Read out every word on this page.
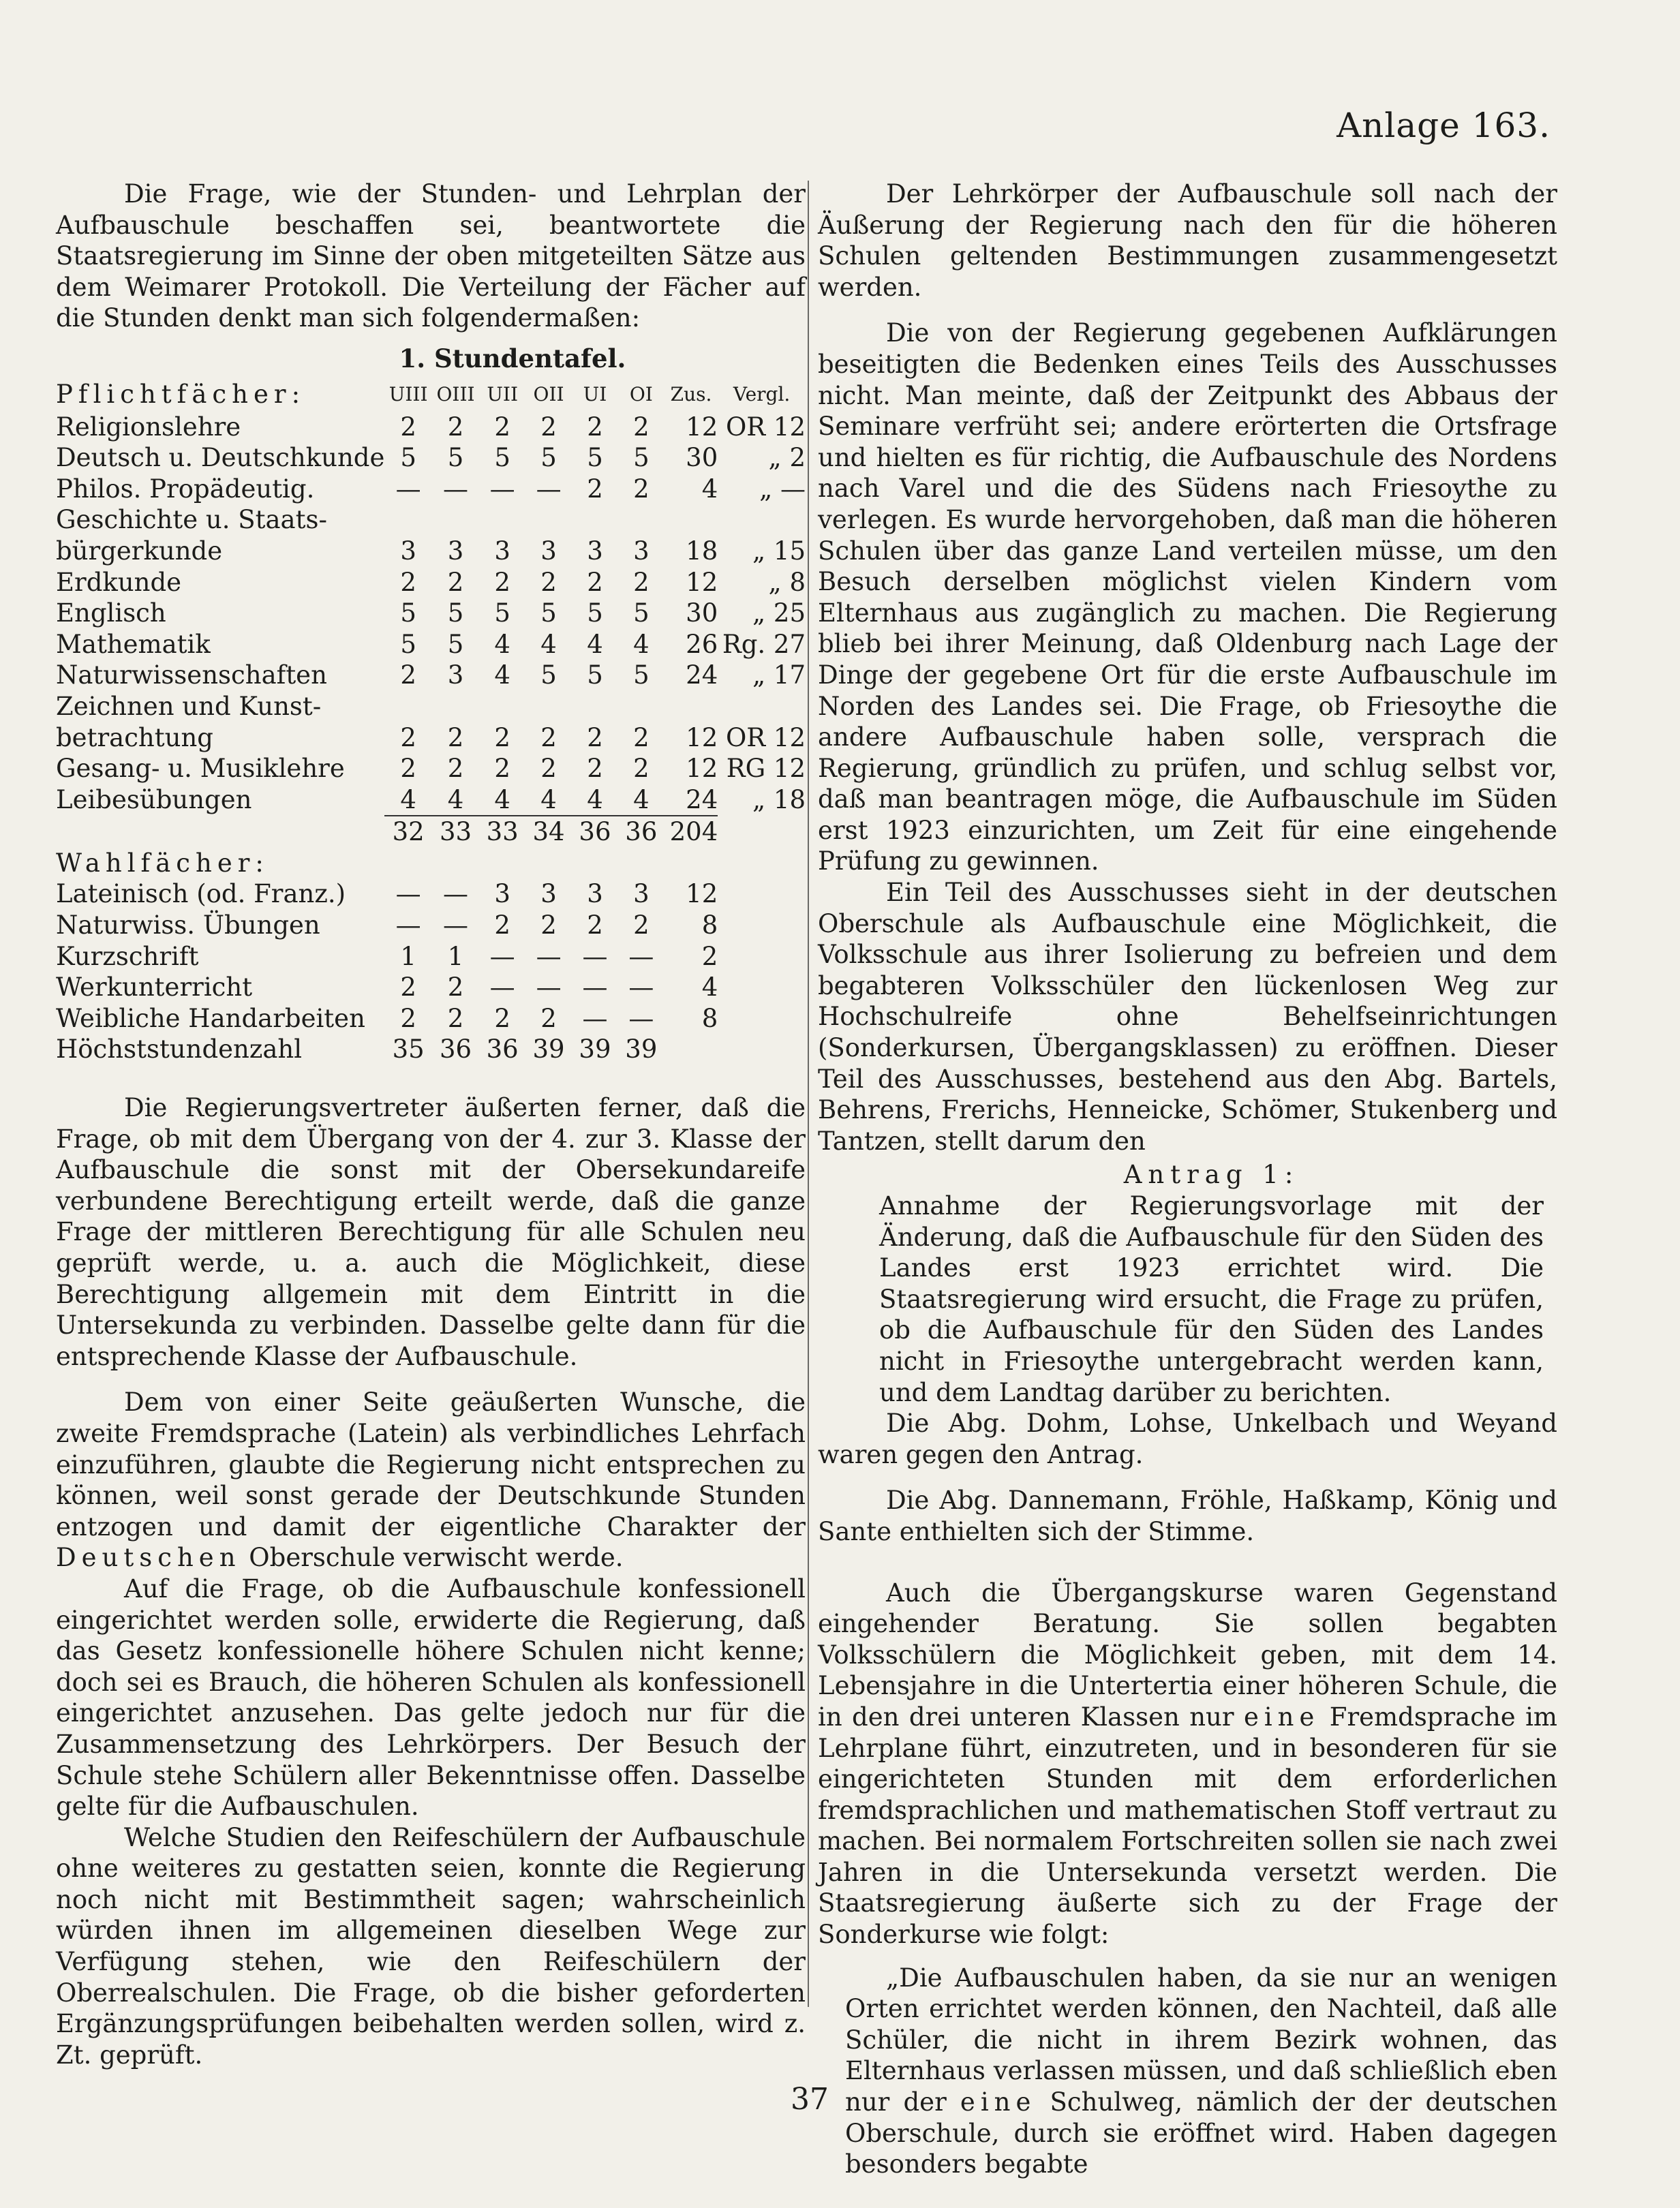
Anlage 163.

Die Frage, wie der Stunden- und Lehrplan der Aufbauschule beschaffen sei, beantwortete die Staatsregierung im Sinne der oben mitgeteilten Sätze aus dem Weimarer Protokoll. Die Verteilung der Fächer auf die Stunden denkt man sich folgendermaßen:

1. Stundentafel.

Pflichtfächer:	UIII	OIII	UII	OII	UI	OI	Zus.	Vergl.
Religionslehre	2	2	2	2	2	2	12	OR 12
Deutsch u. Deutschkunde	5	5	5	5	5	5	30	„ 2
Philos. Propädeutig.	—	—	—	—	2	2	4	„ —
Geschichte u. Staats-								
bürgerkunde	3	3	3	3	3	3	18	„ 15
Erdkunde	2	2	2	2	2	2	12	„ 8
Englisch	5	5	5	5	5	5	30	„ 25
Mathematik	5	5	4	4	4	4	26	Rg. 27
Naturwissenschaften	2	3	4	5	5	5	24	„ 17
Zeichnen und Kunst-								
betrachtung	2	2	2	2	2	2	12	OR 12
Gesang- u. Musiklehre	2	2	2	2	2	2	12	RG 12
Leibesübungen	4	4	4	4	4	4	24	„ 18
	32	33	33	34	36	36	204	
Wahlfächer:								
Lateinisch (od. Franz.)	—	—	3	3	3	3	12	
Naturwiss. Übungen	—	—	2	2	2	2	8	
Kurzschrift	1	1	—	—	—	—	2	
Werkunterricht	2	2	—	—	—	—	4	
Weibliche Handarbeiten	2	2	2	2	—	—	8	
Höchststundenzahl	35	36	36	39	39	39		

Die Regierungsvertreter äußerten ferner, daß die Frage, ob mit dem Übergang von der 4. zur 3. Klasse der Aufbauschule die sonst mit der Obersekundareife verbundene Berechtigung erteilt werde, daß die ganze Frage der mittleren Berechtigung für alle Schulen neu geprüft werde, u. a. auch die Möglichkeit, diese Berechtigung allgemein mit dem Eintritt in die Untersekunda zu verbinden. Dasselbe gelte dann für die entsprechende Klasse der Aufbauschule.

Dem von einer Seite geäußerten Wunsche, die zweite Fremdsprache (Latein) als verbindliches Lehrfach einzuführen, glaubte die Regierung nicht entsprechen zu können, weil sonst gerade der Deutschkunde Stunden entzogen und damit der eigentliche Charakter der Deutschen Oberschule verwischt werde.

Auf die Frage, ob die Aufbauschule konfessionell eingerichtet werden solle, erwiderte die Regierung, daß das Gesetz konfessionelle höhere Schulen nicht kenne; doch sei es Brauch, die höheren Schulen als konfessionell eingerichtet anzusehen. Das gelte jedoch nur für die Zusammensetzung des Lehrkörpers. Der Besuch der Schule stehe Schülern aller Bekenntnisse offen. Dasselbe gelte für die Aufbauschulen.

Welche Studien den Reifeschülern der Aufbauschule ohne weiteres zu gestatten seien, konnte die Regierung noch nicht mit Bestimmtheit sagen; wahrscheinlich würden ihnen im allgemeinen dieselben Wege zur Verfügung stehen, wie den Reifeschülern der Oberrealschulen. Die Frage, ob die bisher geforderten Ergänzungsprüfungen beibehalten werden sollen, wird z. Zt. geprüft.

Der Lehrkörper der Aufbauschule soll nach der Äußerung der Regierung nach den für die höheren Schulen geltenden Bestimmungen zusammengesetzt werden.

Die von der Regierung gegebenen Aufklärungen beseitigten die Bedenken eines Teils des Ausschusses nicht. Man meinte, daß der Zeitpunkt des Abbaus der Seminare verfrüht sei; andere erörterten die Ortsfrage und hielten es für richtig, die Aufbauschule des Nordens nach Varel und die des Südens nach Friesoythe zu verlegen. Es wurde hervorgehoben, daß man die höheren Schulen über das ganze Land verteilen müsse, um den Besuch derselben möglichst vielen Kindern vom Elternhaus aus zugänglich zu machen. Die Regierung blieb bei ihrer Meinung, daß Oldenburg nach Lage der Dinge der gegebene Ort für die erste Aufbauschule im Norden des Landes sei. Die Frage, ob Friesoythe die andere Aufbauschule haben solle, versprach die Regierung, gründlich zu prüfen, und schlug selbst vor, daß man beantragen möge, die Aufbauschule im Süden erst 1923 einzurichten, um Zeit für eine eingehende Prüfung zu gewinnen.

Ein Teil des Ausschusses sieht in der deutschen Oberschule als Aufbauschule eine Möglichkeit, die Volksschule aus ihrer Isolierung zu befreien und dem begabteren Volksschüler den lückenlosen Weg zur Hochschulreife ohne Behelfseinrichtungen (Sonderkursen, Übergangsklassen) zu eröffnen. Dieser Teil des Ausschusses, bestehend aus den Abg. Bartels, Behrens, Frerichs, Henneicke, Schömer, Stukenberg und Tantzen, stellt darum den

Antrag 1:

Annahme der Regierungsvorlage mit der Änderung, daß die Aufbauschule für den Süden des Landes erst 1923 errichtet wird. Die Staatsregierung wird ersucht, die Frage zu prüfen, ob die Aufbauschule für den Süden des Landes nicht in Friesoythe untergebracht werden kann, und dem Landtag darüber zu berichten.

Die Abg. Dohm, Lohse, Unkelbach und Weyand waren gegen den Antrag.

Die Abg. Dannemann, Fröhle, Haßkamp, König und Sante enthielten sich der Stimme.

Auch die Übergangskurse waren Gegenstand eingehender Beratung. Sie sollen begabten Volksschülern die Möglichkeit geben, mit dem 14. Lebensjahre in die Untertertia einer höheren Schule, die in den drei unteren Klassen nur eine Fremdsprache im Lehrplane führt, einzutreten, und in besonderen für sie eingerichteten Stunden mit dem erforderlichen fremdsprachlichen und mathematischen Stoff vertraut zu machen. Bei normalem Fortschreiten sollen sie nach zwei Jahren in die Untersekunda versetzt werden. Die Staatsregierung äußerte sich zu der Frage der Sonderkurse wie folgt:

„Die Aufbauschulen haben, da sie nur an wenigen Orten errichtet werden können, den Nachteil, daß alle Schüler, die nicht in ihrem Bezirk wohnen, das Elternhaus verlassen müssen, und daß schließlich eben nur der eine Schulweg, nämlich der der deutschen Oberschule, durch sie eröffnet wird. Haben dagegen besonders begabte

37
